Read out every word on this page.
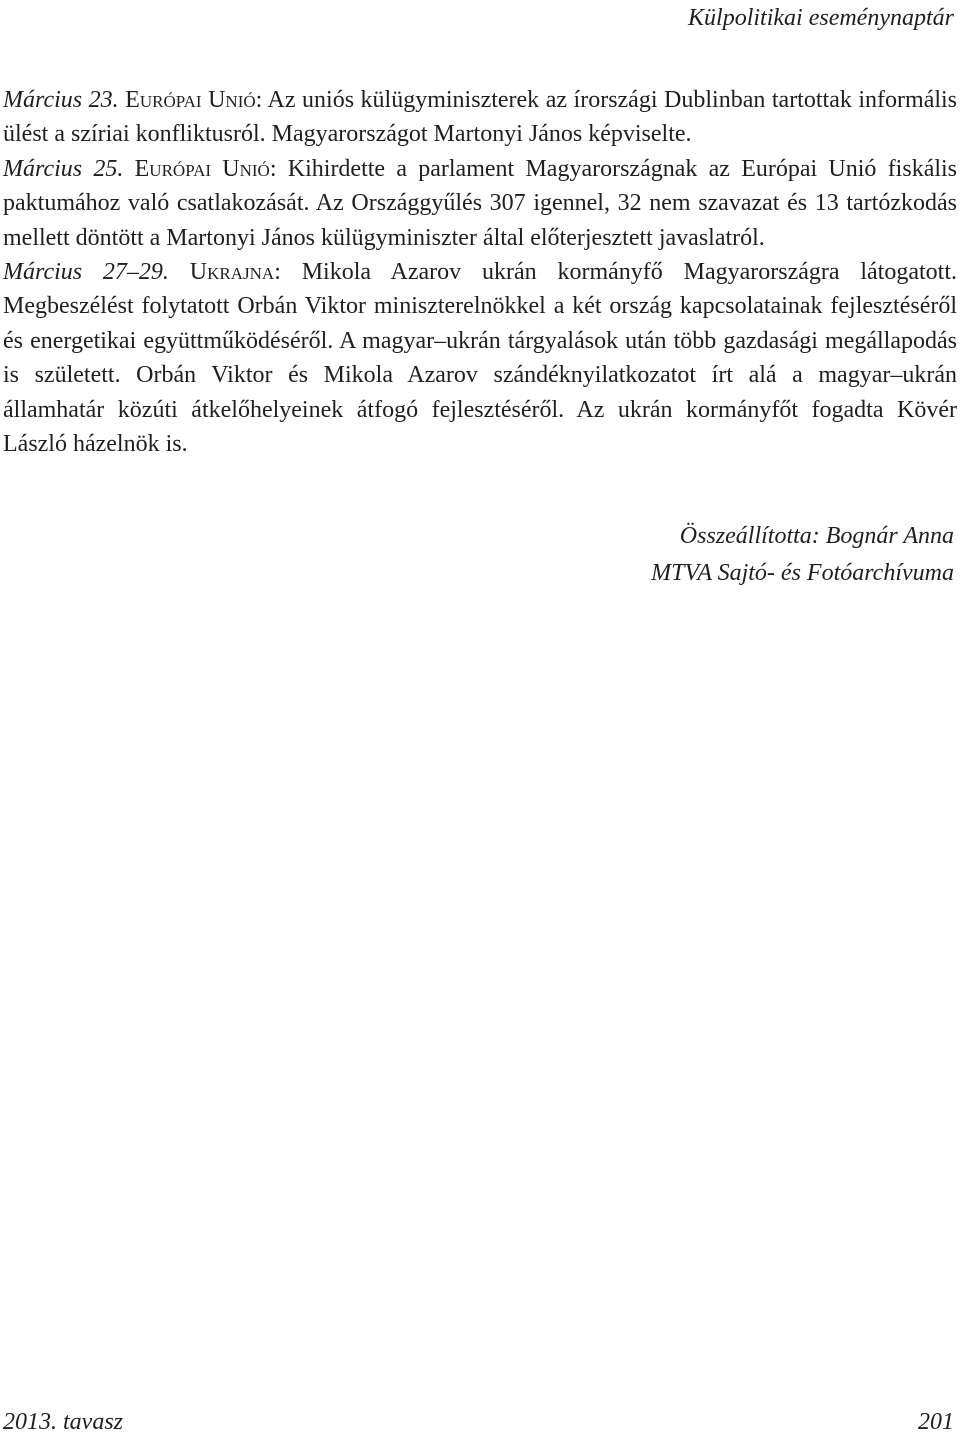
Külpolitikai eseménynaptár

Március 23. Európai Unió: Az uniós külügyminiszterek az írországi Dublinban tartottak informális ülést a szíriai konfliktusról. Magyarországot Martonyi János képviselte.

Március 25. Európai Unió: Kihirdette a parlament Magyarországnak az Európai Unió fiskális paktumához való csatlakozását. Az Országgyűlés 307 igennel, 32 nem szavazat és 13 tartózkodás mellett döntött a Martonyi János külügyminiszter által előterjesztett javaslatról.

Március 27–29. Ukrajna: Mikola Azarov ukrán kormányfő Magyarországra látogatott. Megbeszélést folytatott Orbán Viktor miniszterelnökkel a két ország kapcsolatainak fejlesztéséről és energetikai együttműködéséről. A magyar–ukrán tárgyalások után több gazdasági megállapodás is született. Orbán Viktor és Mikola Azarov szándéknyilatkozatot írt alá a magyar–ukrán államhatár közúti átkelőhelyeinek átfogó fejlesztéséről. Az ukrán kormányfőt fogadta Kövér László házelnök is.

Összeállította: Bognár Anna
MTVA Sajtó- és Fotóarchívuma
2013. tavasz	201
